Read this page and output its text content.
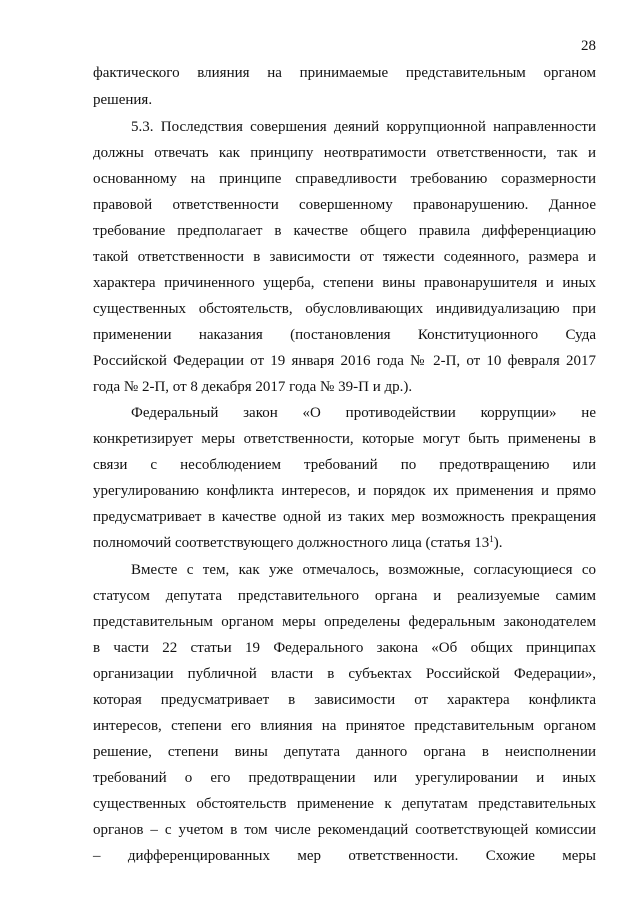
28
фактического влияния на принимаемые представительным органом
решения.
5.3. Последствия совершения деяний коррупционной направленности
должны отвечать как принципу неотвратимости ответственности, так и
основанному на принципе справедливости требованию соразмерности
правовой ответственности совершенному правонарушению. Данное
требование предполагает в качестве общего правила дифференциацию
такой ответственности в зависимости от тяжести содеянного, размера и
характера причиненного ущерба, степени вины правонарушителя и иных
существенных обстоятельств, обусловливающих индивидуализацию при
применении наказания (постановления Конституционного Суда
Российской Федерации от 19 января 2016 года № 2-П, от 10 февраля 2017
года № 2-П, от 8 декабря 2017 года № 39-П и др.).
Федеральный закон «О противодействии коррупции» не
конкретизирует меры ответственности, которые могут быть применены в
связи с несоблюдением требований по предотвращению или
урегулированию конфликта интересов, и порядок их применения и прямо
предусматривает в качестве одной из таких мер возможность прекращения
полномочий соответствующего должностного лица (статья $13^1$).
Вместе с тем, как уже отмечалось, возможные, согласующиеся со
статусом депутата представительного органа и реализуемые самим
представительным органом меры определены федеральным законодателем
в части 22 статьи 19 Федерального закона «Об общих принципах
организации публичной власти в субъектах Российской Федерации»,
которая предусматривает в зависимости от характера конфликта
интересов, степени его влияния на принятое представительным органом
решение, степени вины депутата данного органа в неисполнении
требований о его предотвращении или урегулировании и иных
существенных обстоятельств применение к депутатам представительных
органов – с учетом в том числе рекомендаций соответствующей комиссии
– дифференцированных мер ответственности. Схожие меры
